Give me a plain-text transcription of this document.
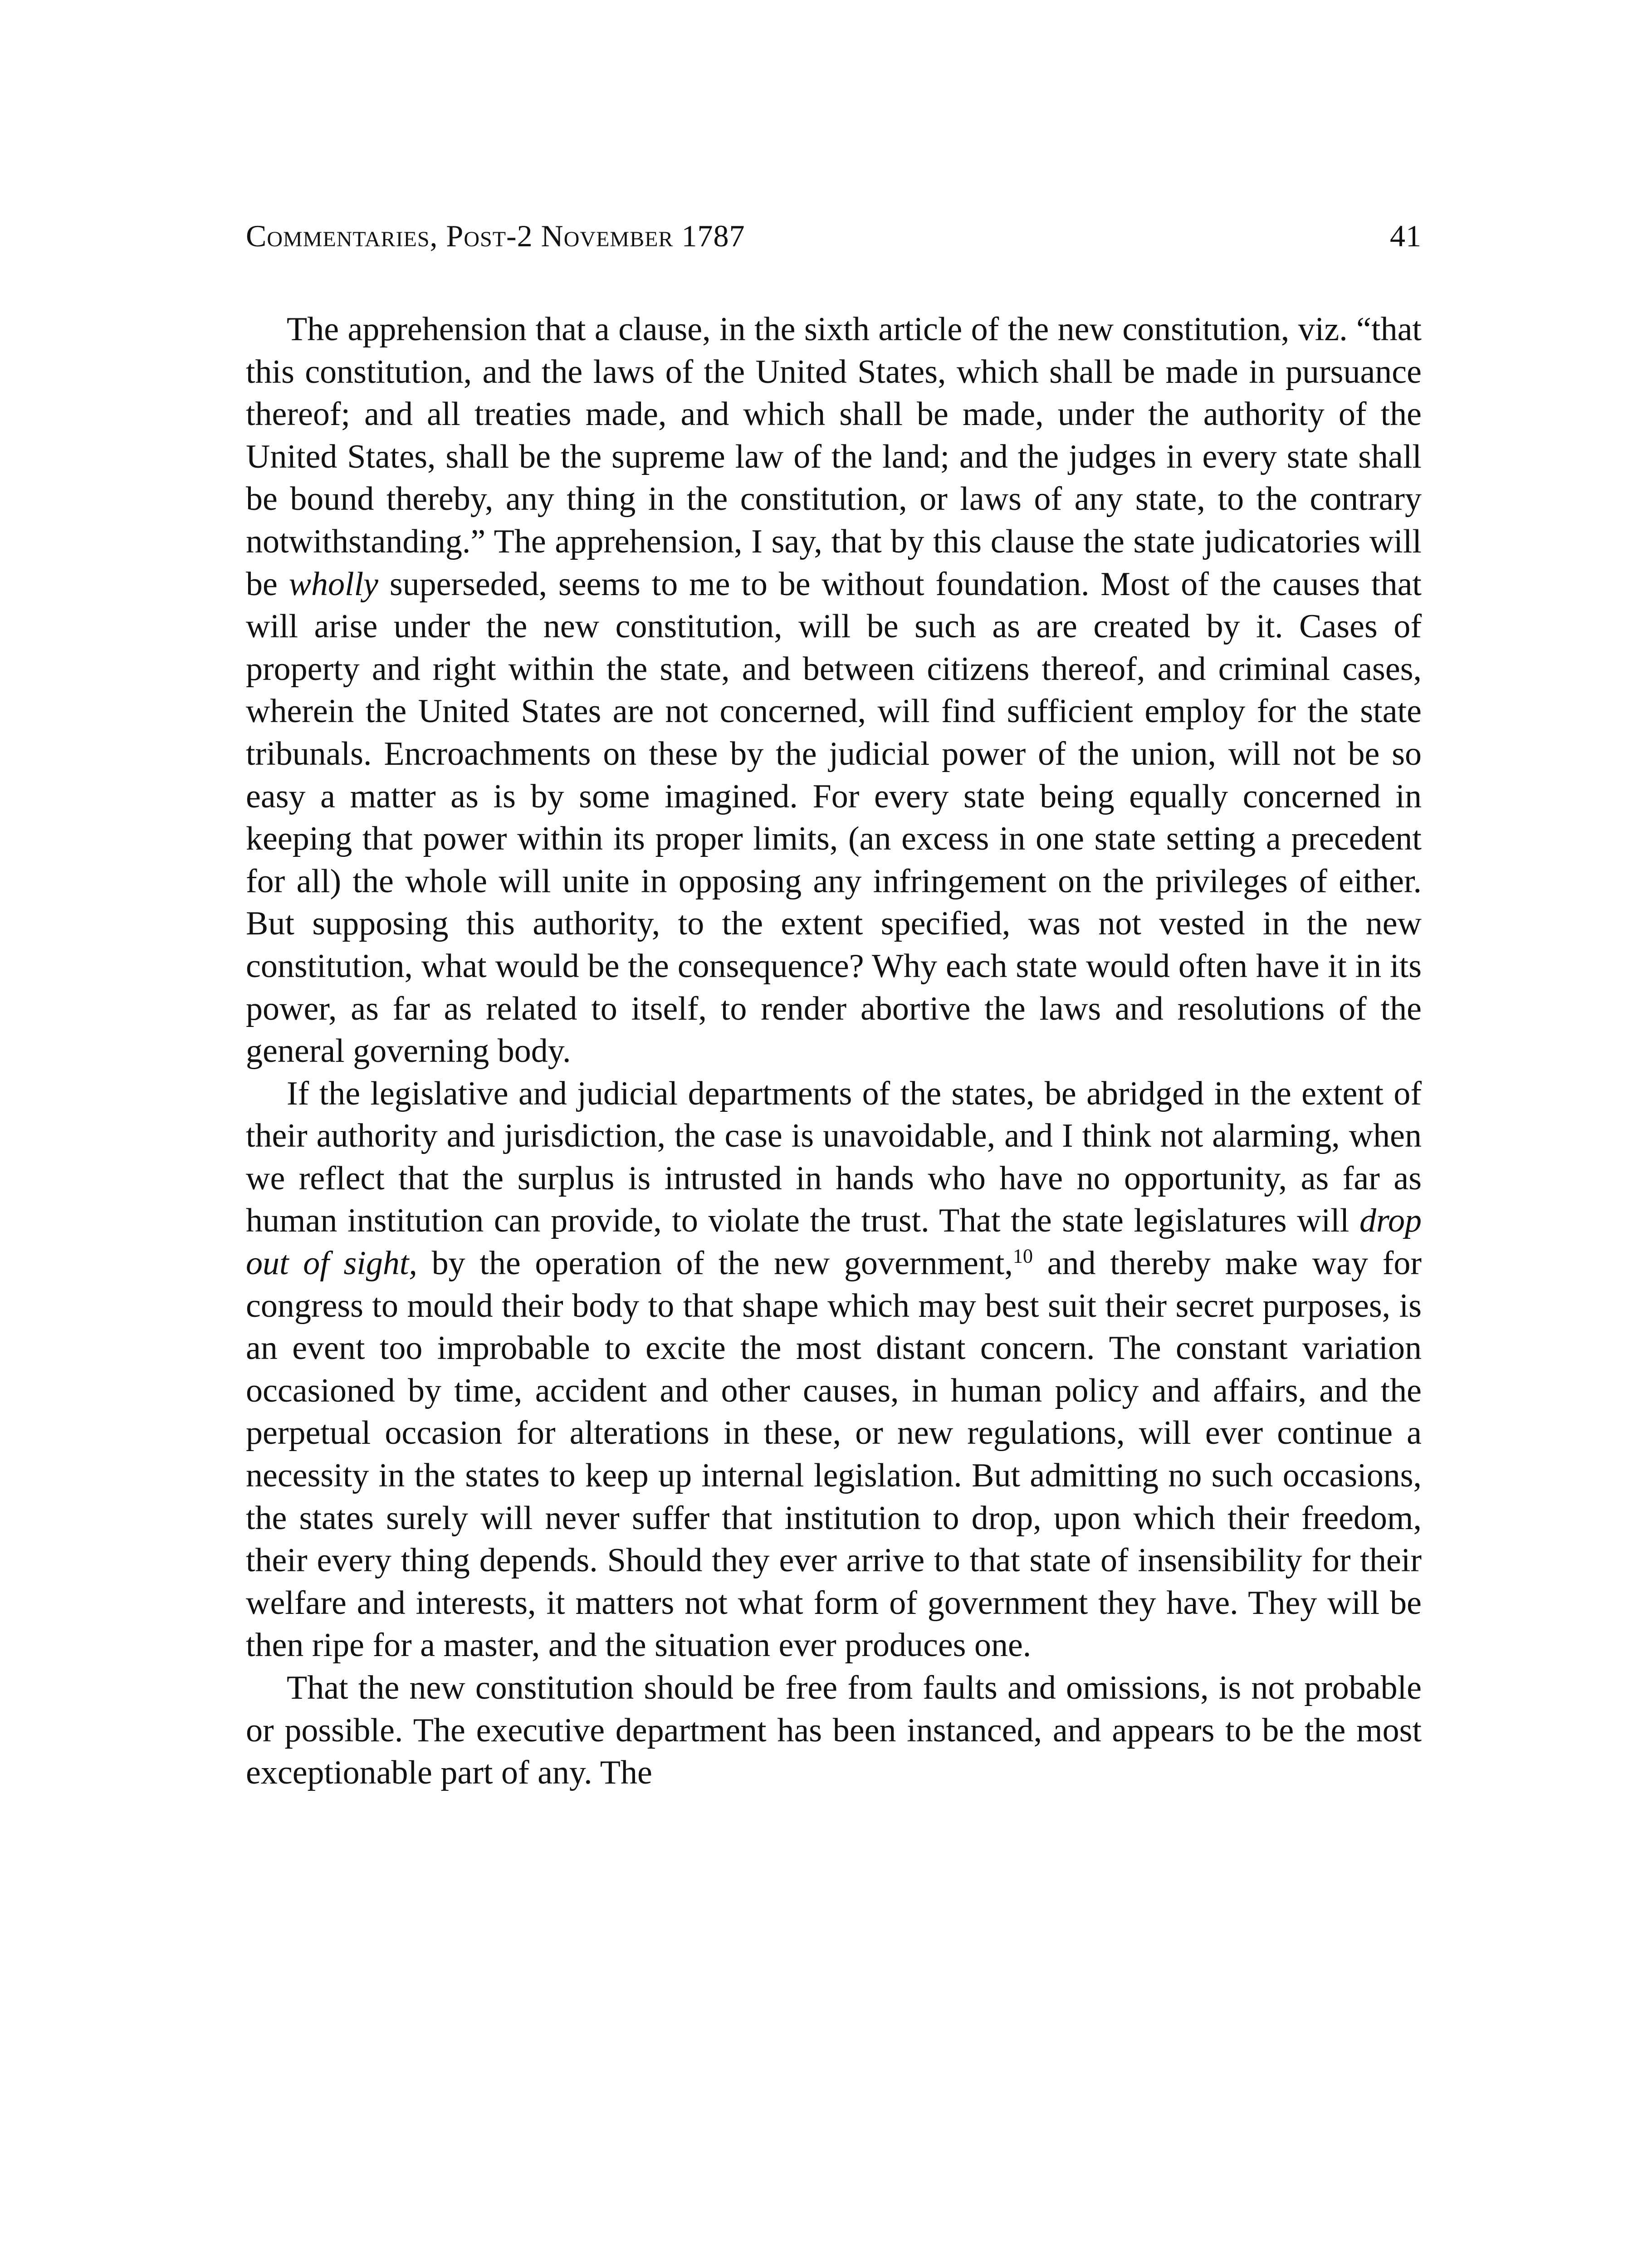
Commentaries, Post-2 November 1787	41

The apprehension that a clause, in the sixth article of the new constitution, viz. “that this constitution, and the laws of the United States, which shall be made in pursuance thereof; and all treaties made, and which shall be made, under the authority of the United States, shall be the supreme law of the land; and the judges in every state shall be bound thereby, any thing in the constitution, or laws of any state, to the contrary notwithstanding.” The apprehension, I say, that by this clause the state judicatories will be wholly superseded, seems to me to be without foundation. Most of the causes that will arise under the new constitution, will be such as are created by it. Cases of property and right within the state, and between citizens thereof, and criminal cases, wherein the United States are not concerned, will find sufficient employ for the state tribunals. Encroachments on these by the judicial power of the union, will not be so easy a matter as is by some imagined. For every state being equally concerned in keeping that power within its proper limits, (an excess in one state setting a precedent for all) the whole will unite in opposing any infringement on the privileges of either. But supposing this authority, to the extent specified, was not vested in the new constitution, what would be the consequence? Why each state would often have it in its power, as far as related to itself, to render abortive the laws and resolutions of the general governing body.

If the legislative and judicial departments of the states, be abridged in the extent of their authority and jurisdiction, the case is unavoidable, and I think not alarming, when we reflect that the surplus is intrusted in hands who have no opportunity, as far as human institution can provide, to violate the trust. That the state legislatures will drop out of sight, by the operation of the new government,$^{10}$ and thereby make way for congress to mould their body to that shape which may best suit their secret purposes, is an event too improbable to excite the most distant concern. The constant variation occasioned by time, accident and other causes, in human policy and affairs, and the perpetual occasion for alterations in these, or new regulations, will ever continue a necessity in the states to keep up internal legislation. But admitting no such occasions, the states surely will never suffer that institution to drop, upon which their freedom, their every thing depends. Should they ever arrive to that state of insensibility for their welfare and interests, it matters not what form of government they have. They will be then ripe for a master, and the situation ever produces one.

That the new constitution should be free from faults and omissions, is not probable or possible. The executive department has been instanced, and appears to be the most exceptionable part of any. The
